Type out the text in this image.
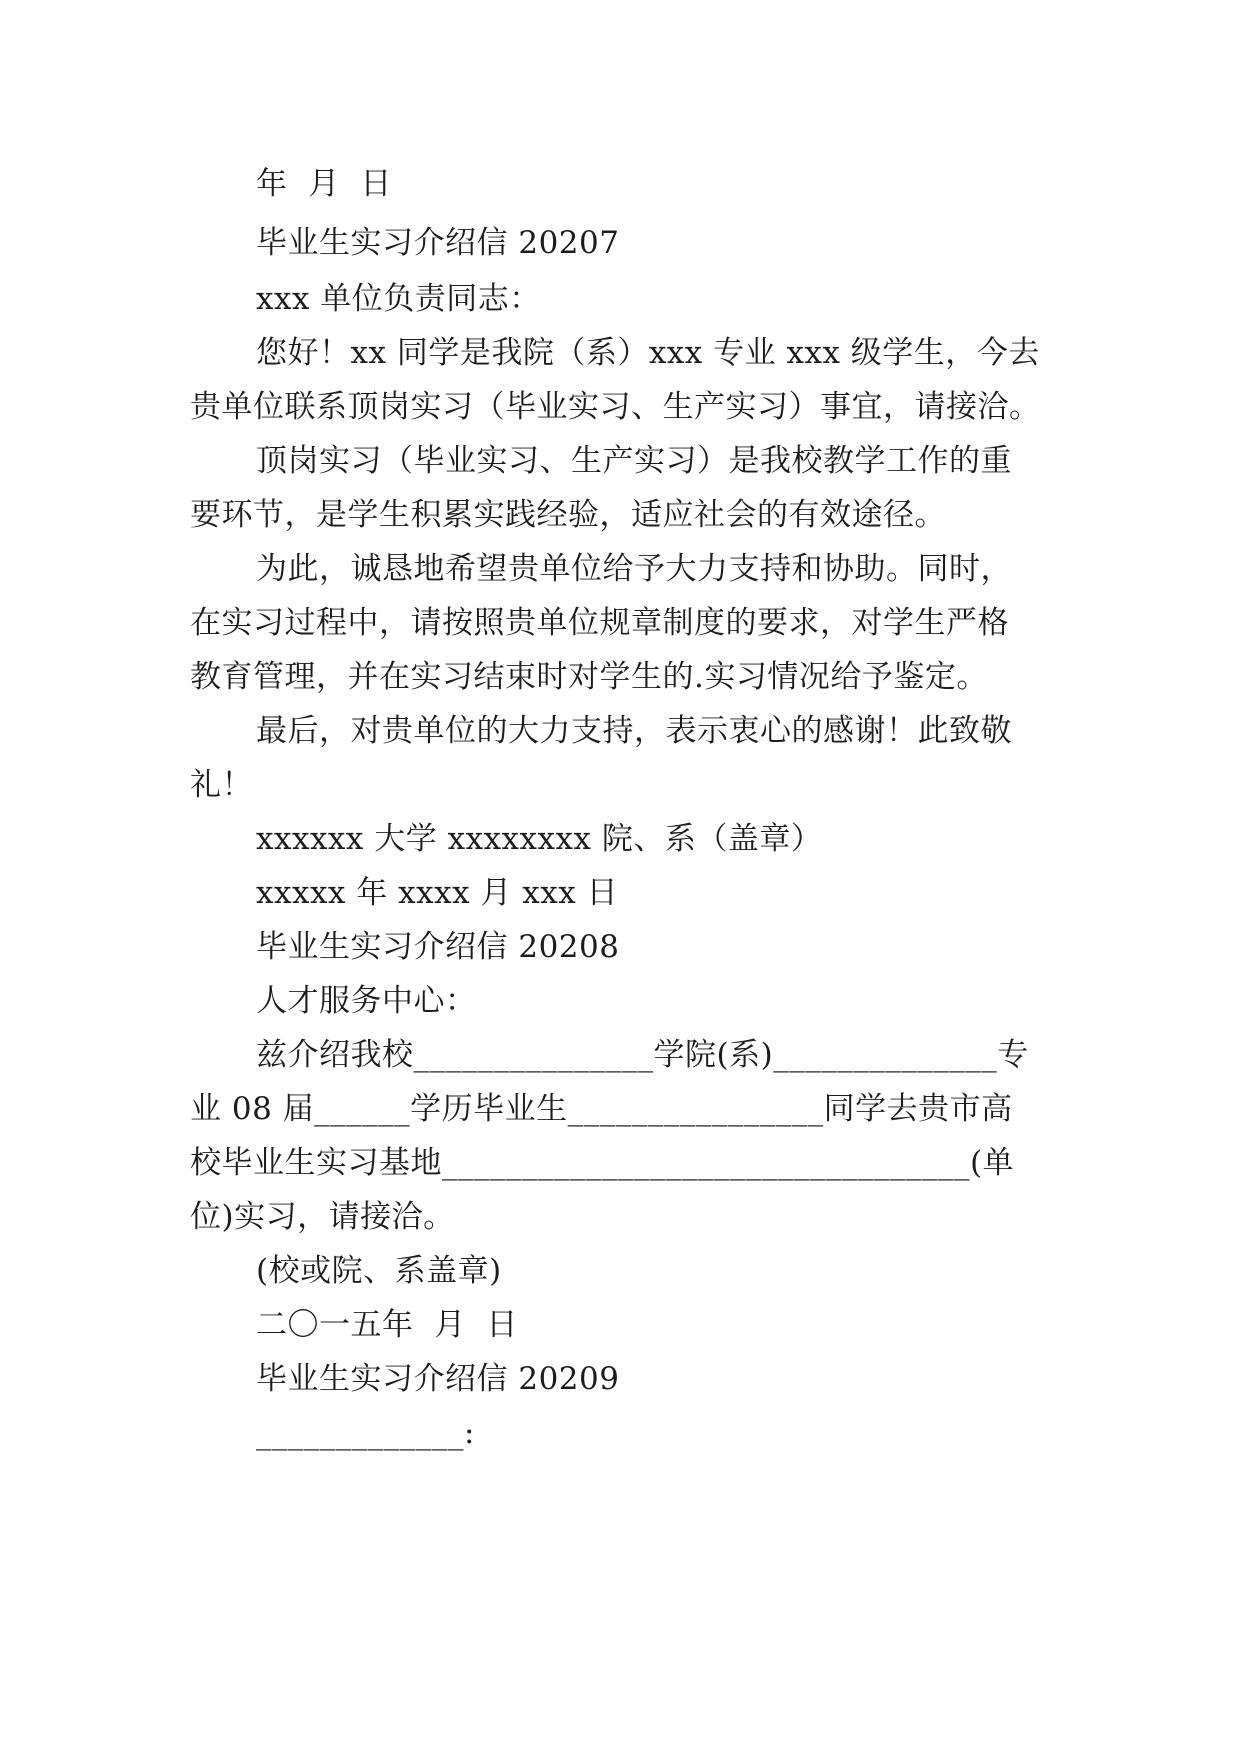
年  月  日
毕业生实习介绍信 20207
xxx 单位负责同志：
您好！xx 同学是我院（系）xxx 专业 xxx 级学生，今去
贵单位联系顶岗实习（毕业实习、生产实习）事宜，请接洽。
顶岗实习（毕业实习、生产实习）是我校教学工作的重
要环节，是学生积累实践经验，适应社会的有效途径。
为此，诚恳地希望贵单位给予大力支持和协助。同时，
在实习过程中，请按照贵单位规章制度的要求，对学生严格
教育管理，并在实习结束时对学生的.实习情况给予鉴定。
最后，对贵单位的大力支持，表示衷心的感谢！此致敬
礼！
xxxxxx 大学 xxxxxxxx 院、系（盖章）
xxxxx 年 xxxx 月 xxx 日
毕业生实习介绍信 20208
人才服务中心：
兹介绍我校_______________学院(系)______________专
业 08 届______学历毕业生________________同学去贵市高
校毕业生实习基地_________________________________(单
位)实习，请接洽。
(校或院、系盖章)
二〇一五年  月  日
毕业生实习介绍信 20209
_____________:
